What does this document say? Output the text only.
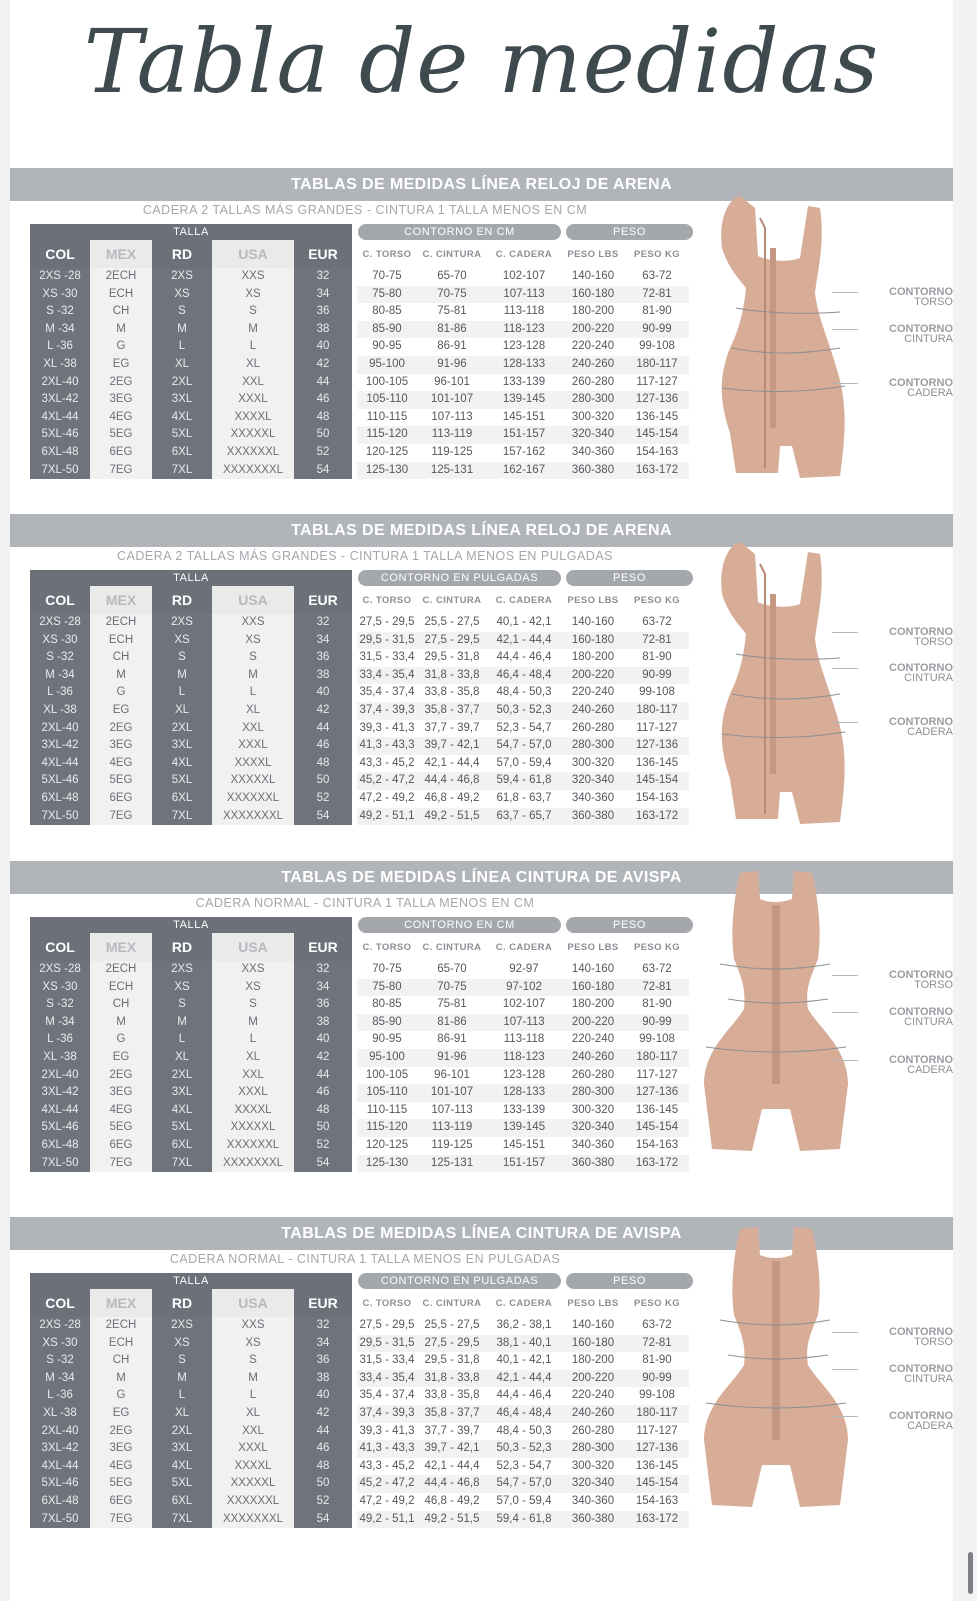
Tabla de medidas
TABLAS DE MEDIDAS LÍNEA RELOJ DE ARENA
CADERA 2 TALLAS MÁS GRANDES - CINTURA 1 TALLA MENOS EN CM
TALLA	CONTORNO EN CM	PESO
COL	MEX	RD	USA	EUR		C. TORSO	C. CINTURA	C. CADERA	PESO LBS	PESO KG
2XS -28	2ECH	2XS	XXS	32		70-75	65-70	102-107	140-160	63-72
XS -30	ECH	XS	XS	34		75-80	70-75	107-113	160-180	72-81
S -32	CH	S	S	36		80-85	75-81	113-118	180-200	81-90
M -34	M	M	M	38		85-90	81-86	118-123	200-220	90-99
L -36	G	L	L	40		90-95	86-91	123-128	220-240	99-108
XL -38	EG	XL	XL	42		95-100	91-96	128-133	240-260	180-117
2XL-40	2EG	2XL	XXL	44		100-105	96-101	133-139	260-280	117-127
3XL-42	3EG	3XL	XXXL	46		105-110	101-107	139-145	280-300	127-136
4XL-44	4EG	4XL	XXXXL	48		110-115	107-113	145-151	300-320	136-145
5XL-46	5EG	5XL	XXXXXL	50		115-120	113-119	151-157	320-340	145-154
6XL-48	6EG	6XL	XXXXXXL	52		120-125	119-125	157-162	340-360	154-163
7XL-50	7EG	7XL	XXXXXXXL	54		125-130	125-131	162-167	360-380	163-172
CONTORNO
TORSO
CONTORNO
CINTURA
CONTORNO
CADERA
TABLAS DE MEDIDAS LÍNEA RELOJ DE ARENA
CADERA 2 TALLAS MÁS GRANDES - CINTURA 1 TALLA MENOS EN PULGADAS
TALLA	CONTORNO EN PULGADAS	PESO
COL	MEX	RD	USA	EUR		C. TORSO	C. CINTURA	C. CADERA	PESO LBS	PESO KG
2XS -28	2ECH	2XS	XXS	32		27,5 - 29,5	25,5 - 27,5	40,1 - 42,1	140-160	63-72
XS -30	ECH	XS	XS	34		29,5 - 31,5	27,5 - 29,5	42,1 - 44,4	160-180	72-81
S -32	CH	S	S	36		31,5 - 33,4	29,5 - 31,8	44,4 - 46,4	180-200	81-90
M -34	M	M	M	38		33,4 - 35,4	31,8 - 33,8	46,4 - 48,4	200-220	90-99
L -36	G	L	L	40		35,4 - 37,4	33,8 - 35,8	48,4 - 50,3	220-240	99-108
XL -38	EG	XL	XL	42		37,4 - 39,3	35,8 - 37,7	50,3 - 52,3	240-260	180-117
2XL-40	2EG	2XL	XXL	44		39,3 - 41,3	37,7 - 39,7	52,3 - 54,7	260-280	117-127
3XL-42	3EG	3XL	XXXL	46		41,3 - 43,3	39,7 - 42,1	54,7 - 57,0	280-300	127-136
4XL-44	4EG	4XL	XXXXL	48		43,3 - 45,2	42,1 - 44,4	57,0 - 59,4	300-320	136-145
5XL-46	5EG	5XL	XXXXXL	50		45,2 - 47,2	44,4 - 46,8	59,4 - 61,8	320-340	145-154
6XL-48	6EG	6XL	XXXXXXL	52		47,2 - 49,2	46,8 - 49,2	61,8 - 63,7	340-360	154-163
7XL-50	7EG	7XL	XXXXXXXL	54		49,2 - 51,1	49,2 - 51,5	63,7 - 65,7	360-380	163-172
CONTORNO
TORSO
CONTORNO
CINTURA
CONTORNO
CADERA
TABLAS DE MEDIDAS LÍNEA CINTURA DE AVISPA
CADERA NORMAL - CINTURA 1 TALLA MENOS EN CM
TALLA	CONTORNO EN CM	PESO
COL	MEX	RD	USA	EUR		C. TORSO	C. CINTURA	C. CADERA	PESO LBS	PESO KG
2XS -28	2ECH	2XS	XXS	32		70-75	65-70	92-97	140-160	63-72
XS -30	ECH	XS	XS	34		75-80	70-75	97-102	160-180	72-81
S -32	CH	S	S	36		80-85	75-81	102-107	180-200	81-90
M -34	M	M	M	38		85-90	81-86	107-113	200-220	90-99
L -36	G	L	L	40		90-95	86-91	113-118	220-240	99-108
XL -38	EG	XL	XL	42		95-100	91-96	118-123	240-260	180-117
2XL-40	2EG	2XL	XXL	44		100-105	96-101	123-128	260-280	117-127
3XL-42	3EG	3XL	XXXL	46		105-110	101-107	128-133	280-300	127-136
4XL-44	4EG	4XL	XXXXL	48		110-115	107-113	133-139	300-320	136-145
5XL-46	5EG	5XL	XXXXXL	50		115-120	113-119	139-145	320-340	145-154
6XL-48	6EG	6XL	XXXXXXL	52		120-125	119-125	145-151	340-360	154-163
7XL-50	7EG	7XL	XXXXXXXL	54		125-130	125-131	151-157	360-380	163-172
CONTORNO
TORSO
CONTORNO
CINTURA
CONTORNO
CADERA
TABLAS DE MEDIDAS LÍNEA CINTURA DE AVISPA
CADERA NORMAL - CINTURA 1 TALLA MENOS EN PULGADAS
TALLA	CONTORNO EN PULGADAS	PESO
COL	MEX	RD	USA	EUR		C. TORSO	C. CINTURA	C. CADERA	PESO LBS	PESO KG
2XS -28	2ECH	2XS	XXS	32		27,5 - 29,5	25,5 - 27,5	36,2 - 38,1	140-160	63-72
XS -30	ECH	XS	XS	34		29,5 - 31,5	27,5 - 29,5	38,1 - 40,1	160-180	72-81
S -32	CH	S	S	36		31,5 - 33,4	29,5 - 31,8	40,1 - 42,1	180-200	81-90
M -34	M	M	M	38		33,4 - 35,4	31,8 - 33,8	42,1 - 44,4	200-220	90-99
L -36	G	L	L	40		35,4 - 37,4	33,8 - 35,8	44,4 - 46,4	220-240	99-108
XL -38	EG	XL	XL	42		37,4 - 39,3	35,8 - 37,7	46,4 - 48,4	240-260	180-117
2XL-40	2EG	2XL	XXL	44		39,3 - 41,3	37,7 - 39,7	48,4 - 50,3	260-280	117-127
3XL-42	3EG	3XL	XXXL	46		41,3 - 43,3	39,7 - 42,1	50,3 - 52,3	280-300	127-136
4XL-44	4EG	4XL	XXXXL	48		43,3 - 45,2	42,1 - 44,4	52,3 - 54,7	300-320	136-145
5XL-46	5EG	5XL	XXXXXL	50		45,2 - 47,2	44,4 - 46,8	54,7 - 57,0	320-340	145-154
6XL-48	6EG	6XL	XXXXXXL	52		47,2 - 49,2	46,8 - 49,2	57,0 - 59,4	340-360	154-163
7XL-50	7EG	7XL	XXXXXXXL	54		49,2 - 51,1	49,2 - 51,5	59,4 - 61,8	360-380	163-172
CONTORNO
TORSO
CONTORNO
CINTURA
CONTORNO
CADERA
